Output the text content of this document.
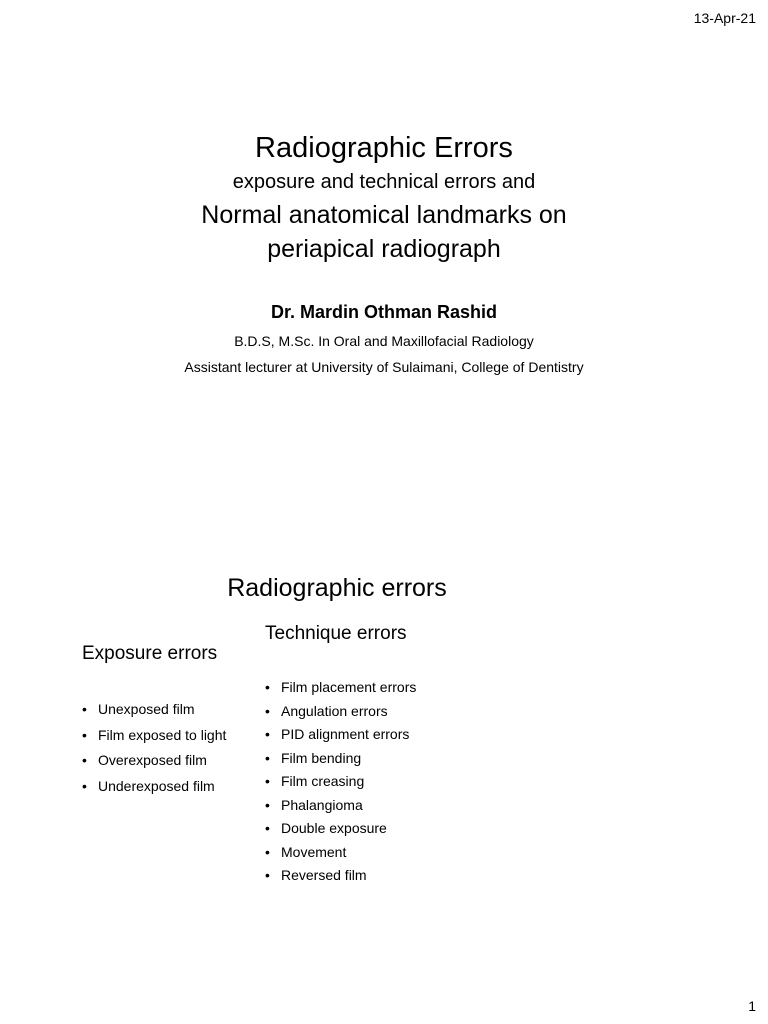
13-Apr-21
Radiographic Errors
exposure and technical errors and
Normal anatomical landmarks on
periapical radiograph
Dr. Mardin Othman Rashid
B.D.S, M.Sc. In Oral and Maxillofacial Radiology
Assistant lecturer at University of Sulaimani, College of Dentistry
Radiographic errors
Exposure errors
• Unexposed film
• Film exposed to light
• Overexposed film
• Underexposed film
Technique errors
• Film placement errors
• Angulation errors
• PID alignment errors
• Film bending
• Film creasing
• Phalangioma
• Double exposure
• Movement
• Reversed film
1
